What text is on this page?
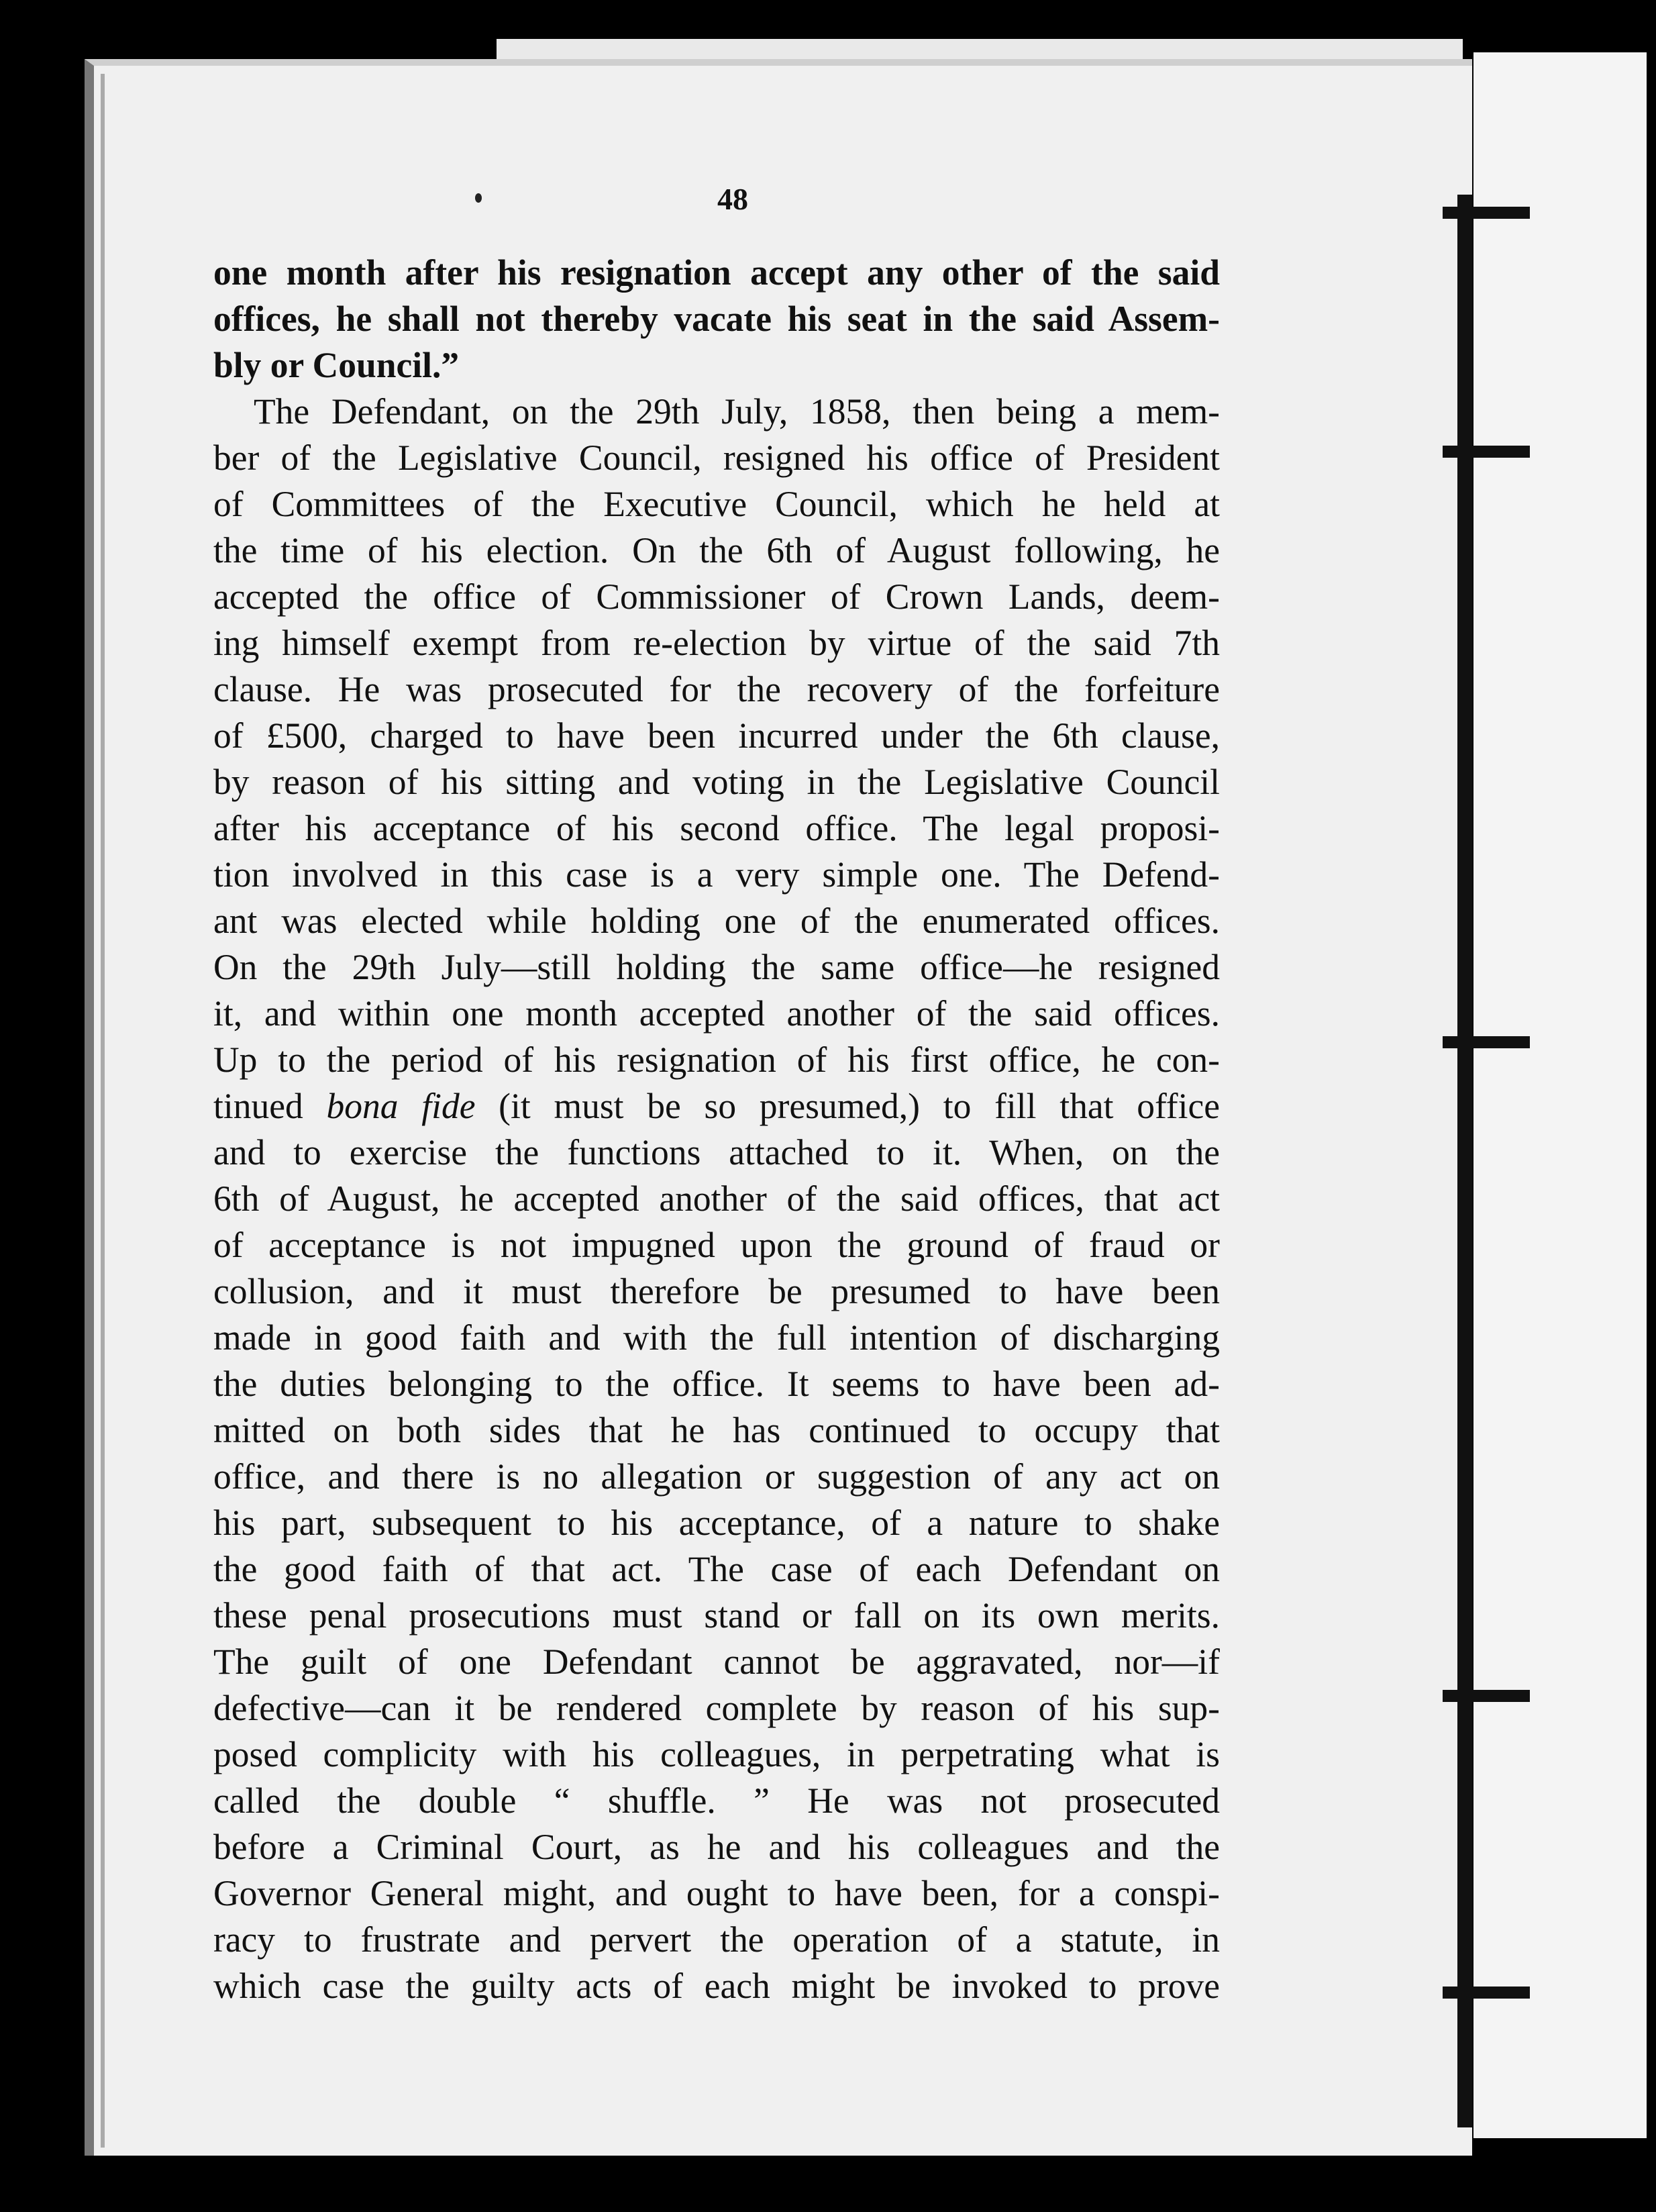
48
one month after his resignation accept any other of the said
offices, he shall not thereby vacate his seat in the said Assem-
bly or Council.”
The Defendant, on the 29th July, 1858, then being a mem-
ber of the Legislative Council, resigned his office of President
of Committees of the Executive Council, which he held at
the time of his election. On the 6th of August following, he
accepted the office of Commissioner of Crown Lands, deem-
ing himself exempt from re-election by virtue of the said 7th
clause. He was prosecuted for the recovery of the forfeiture
of £500, charged to have been incurred under the 6th clause,
by reason of his sitting and voting in the Legislative Council
after his acceptance of his second office. The legal proposi-
tion involved in this case is a very simple one. The Defend-
ant was elected while holding one of the enumerated offices.
On the 29th July—still holding the same office—he resigned
it, and within one month accepted another of the said offices.
Up to the period of his resignation of his first office, he con-
tinued bona fide (it must be so presumed,) to fill that office
and to exercise the functions attached to it. When, on the
6th of August, he accepted another of the said offices, that act
of acceptance is not impugned upon the ground of fraud or
collusion, and it must therefore be presumed to have been
made in good faith and with the full intention of discharging
the duties belonging to the office. It seems to have been ad-
mitted on both sides that he has continued to occupy that
office, and there is no allegation or suggestion of any act on
his part, subsequent to his acceptance, of a nature to shake
the good faith of that act. The case of each Defendant on
these penal prosecutions must stand or fall on its own merits.
The guilt of one Defendant cannot be aggravated, nor—if
defective—can it be rendered complete by reason of his sup-
posed complicity with his colleagues, in perpetrating what is
called the double “ shuffle. ” He was not prosecuted
before a Criminal Court, as he and his colleagues and the
Governor General might, and ought to have been, for a conspi-
racy to frustrate and pervert the operation of a statute, in
which case the guilty acts of each might be invoked to prove
